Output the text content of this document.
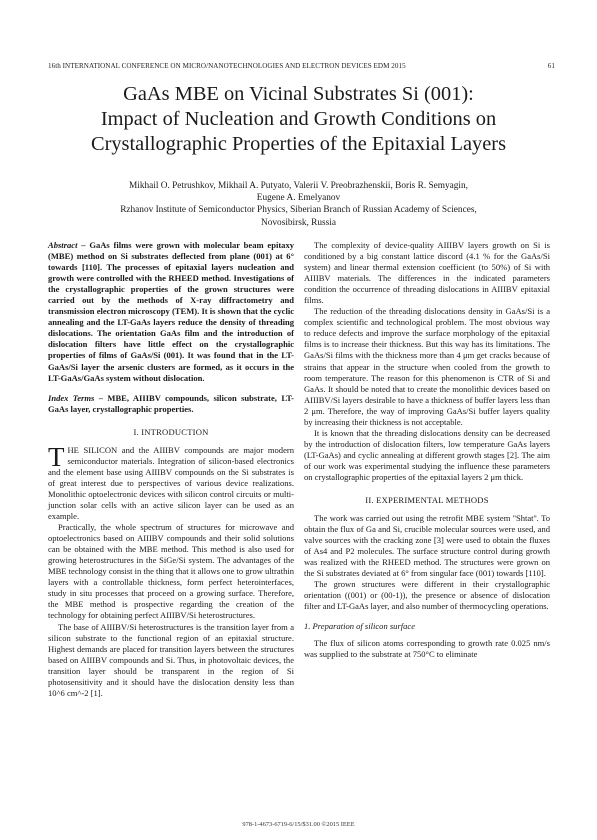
16th INTERNATIONAL CONFERENCE ON MICRO/NANOTECHNOLOGIES AND ELECTRON DEVICES EDM 2015	61
GaAs MBE on Vicinal Substrates Si (001):
Impact of Nucleation and Growth Conditions on
Crystallographic Properties of the Epitaxial Layers
Mikhail O. Petrushkov, Mikhail A. Putyato, Valerii V. Preobrazhenskii, Boris R. Semyagin,
Eugene A. Emelyanov
Rzhanov Institute of Semiconductor Physics, Siberian Branch of Russian Academy of Sciences,
Novosibirsk, Russia

Abstract – GaAs films were grown with molecular beam epitaxy (MBE) method on Si substrates deflected from plane (001) at 6° towards [110]. The processes of epitaxial layers nucleation and growth were controlled with the RHEED method. Investigations of the crystallographic properties of the grown structures were carried out by the methods of X-ray diffractometry and transmission electron microscopy (TEM). It is shown that the cyclic annealing and the LT-GaAs layers reduce the density of threading dislocations. The orientation GaAs film and the introduction of dislocation filters have little effect on the crystallographic properties of films of GaAs/Si (001). It was found that in the LT-GaAs/Si layer the arsenic clusters are formed, as it occurs in the LT-GaAs/GaAs system without dislocation.

Index Terms – MBE, AIIIBV compounds, silicon substrate, LT-GaAs layer, crystallographic properties.

I. INTRODUCTION

THE SILICON and the AIIIBV compounds are major modern semiconductor materials. Integration of silicon-based electronics and the element base using AIIIBV compounds on the Si substrates is of great interest due to perspectives of various device realizations. Monolithic optoelectronic devices with silicon control circuits or multi-junction solar cells with an active silicon layer can be used as an example.

Practically, the whole spectrum of structures for microwave and optoelectronics based on AIIIBV compounds and their solid solutions can be obtained with the MBE method. This method is also used for growing heterostructures in the SiGe/Si system. The advantages of the MBE technology consist in the thing that it allows one to grow ultrathin layers with a controllable thickness, form perfect heterointerfaces, study in situ processes that proceed on a growing surface. Therefore, the MBE method is prospective regarding the creation of the technology for obtaining perfect AIIIBV/Si heterostructures.

The base of AIIIBV/Si heterostructures is the transition layer from a silicon substrate to the functional region of an epitaxial structure. Highest demands are placed for transition layers between the structures based on AIIIBV compounds and Si. Thus, in photovoltaic devices, the transition layer should be transparent in the region of Si photosensitivity and it should have the dislocation density less than 10^6 cm^-2 [1].

The complexity of device-quality AIIIBV layers growth on Si is conditioned by a big constant lattice discord (4.1 % for the GaAs/Si system) and linear thermal extension coefficient (to 50%) of Si with AIIIBV materials. The differences in the indicated parameters condition the occurrence of threading dislocations in AIIIBV epitaxial films.

The reduction of the threading dislocations density in GaAs/Si is a complex scientific and technological problem. The most obvious way to reduce defects and improve the surface morphology of the epitaxial films is to increase their thickness. But this way has its limitations. The GaAs/Si films with the thickness more than 4 μm get cracks because of strains that appear in the structure when cooled from the growth to room temperature. The reason for this phenomenon is CTR of Si and GaAs. It should be noted that to create the monolithic devices based on AIIIBV/Si layers desirable to have a thickness of buffer layers less than 2 μm. Therefore, the way of improving GaAs/Si buffer layers quality by increasing their thickness is not acceptable.

It is known that the threading dislocations density can be decreased by the introduction of dislocation filters, low temperature GaAs layers (LT-GaAs) and cyclic annealing at different growth stages [2]. The aim of our work was experimental studying the influence these parameters on crystallographic properties of the epitaxial layers 2 μm thick.

II. EXPERIMENTAL METHODS

The work was carried out using the retrofit MBE system ''Shtat''. To obtain the flux of Ga and Si, crucible molecular sources were used, and valve sources with the cracking zone [3] were used to obtain the fluxes of As4 and P2 molecules. The surface structure control during growth was realized with the RHEED method. The structures were grown on the Si substrates deviated at 6° from singular face (001) towards [110].

The grown structures were different in their crystallographic orientation ((001) or (00-1)), the presence or absence of dislocation filter and LT-GaAs layer, and also number of thermocycling operations.

1. Preparation of silicon surface

The flux of silicon atoms corresponding to growth rate 0.025 nm/s was supplied to the substrate at 750°C to eliminate

978-1-4673-6719-6/15/$31.00 ©2015 IEEE
